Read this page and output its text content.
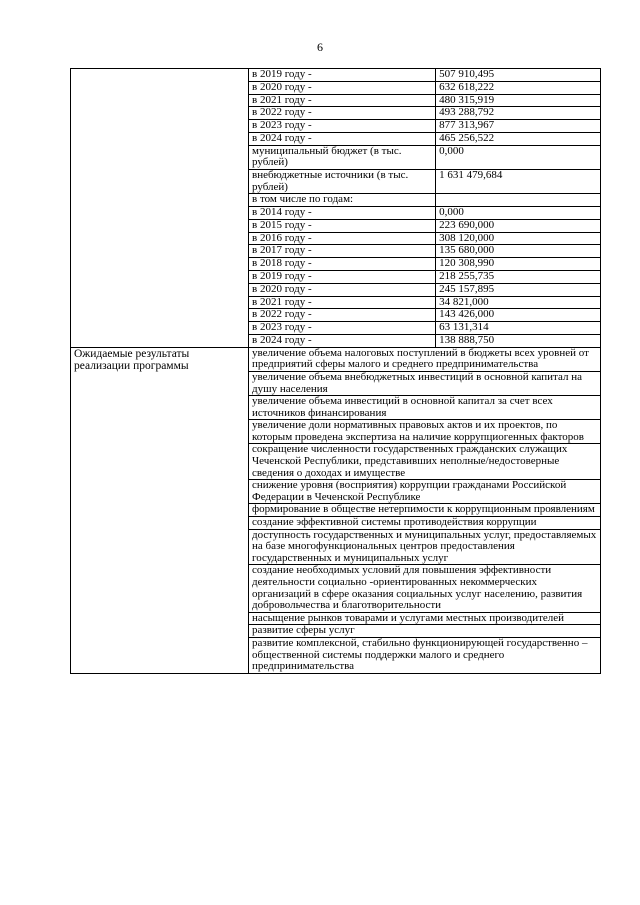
6

в 2019 году -	507 910,495
в 2020 году -	632 618,222
в 2021 году -	480 315,919
в 2022 году -	493 288,792
в 2023 году -	877 313,967
в 2024 году -	465 256,522
муниципальный бюджет (в тыс. рублей)	0,000
внебюджетные источники (в тыс. рублей)	1 631 479,684
в том числе по годам:	
в 2014 году -	0,000
в 2015 году -	223 690,000
в 2016 году -	308 120,000
в 2017 году -	135 680,000
в 2018 году -	120 308,990
в 2019 году -	218 255,735
в 2020 году -	245 157,895
в 2021 году -	34 821,000
в 2022 году -	143 426,000
в 2023 году -	63 131,314
в 2024 году -	138 888,750

Ожидаемые результаты реализации программы

увеличение объема налоговых поступлений в бюджеты всех уровней от предприятий сферы малого и среднего предпринимательства
увеличение объема внебюджетных инвестиций в основной капитал на душу населения
увеличение объема инвестиций в основной капитал за счет всех источников финансирования
увеличение доли нормативных правовых актов и их проектов, по которым проведена экспертиза на наличие коррупциогенных факторов
сокращение численности государственных гражданских служащих Чеченской Республики, представивших неполные/недостоверные сведения о доходах и имуществе
снижение уровня (восприятия) коррупции гражданами Российской Федерации в Чеченской Республике
формирование в обществе нетерпимости к коррупционным проявлениям
создание эффективной системы противодействия коррупции
доступность государственных и муниципальных услуг, предоставляемых на базе многофункциональных центров предоставления государственных и муниципальных услуг
создание необходимых условий для повышения эффективности деятельности социально -ориентированных некоммерческих организаций в сфере оказания социальных услуг населению, развития добровольчества и благотворительности
насыщение рынков товарами и услугами местных производителей
развитие сферы услуг
развитие комплексной, стабильно функционирующей государственно – общественной системы поддержки малого и среднего предпринимательства
